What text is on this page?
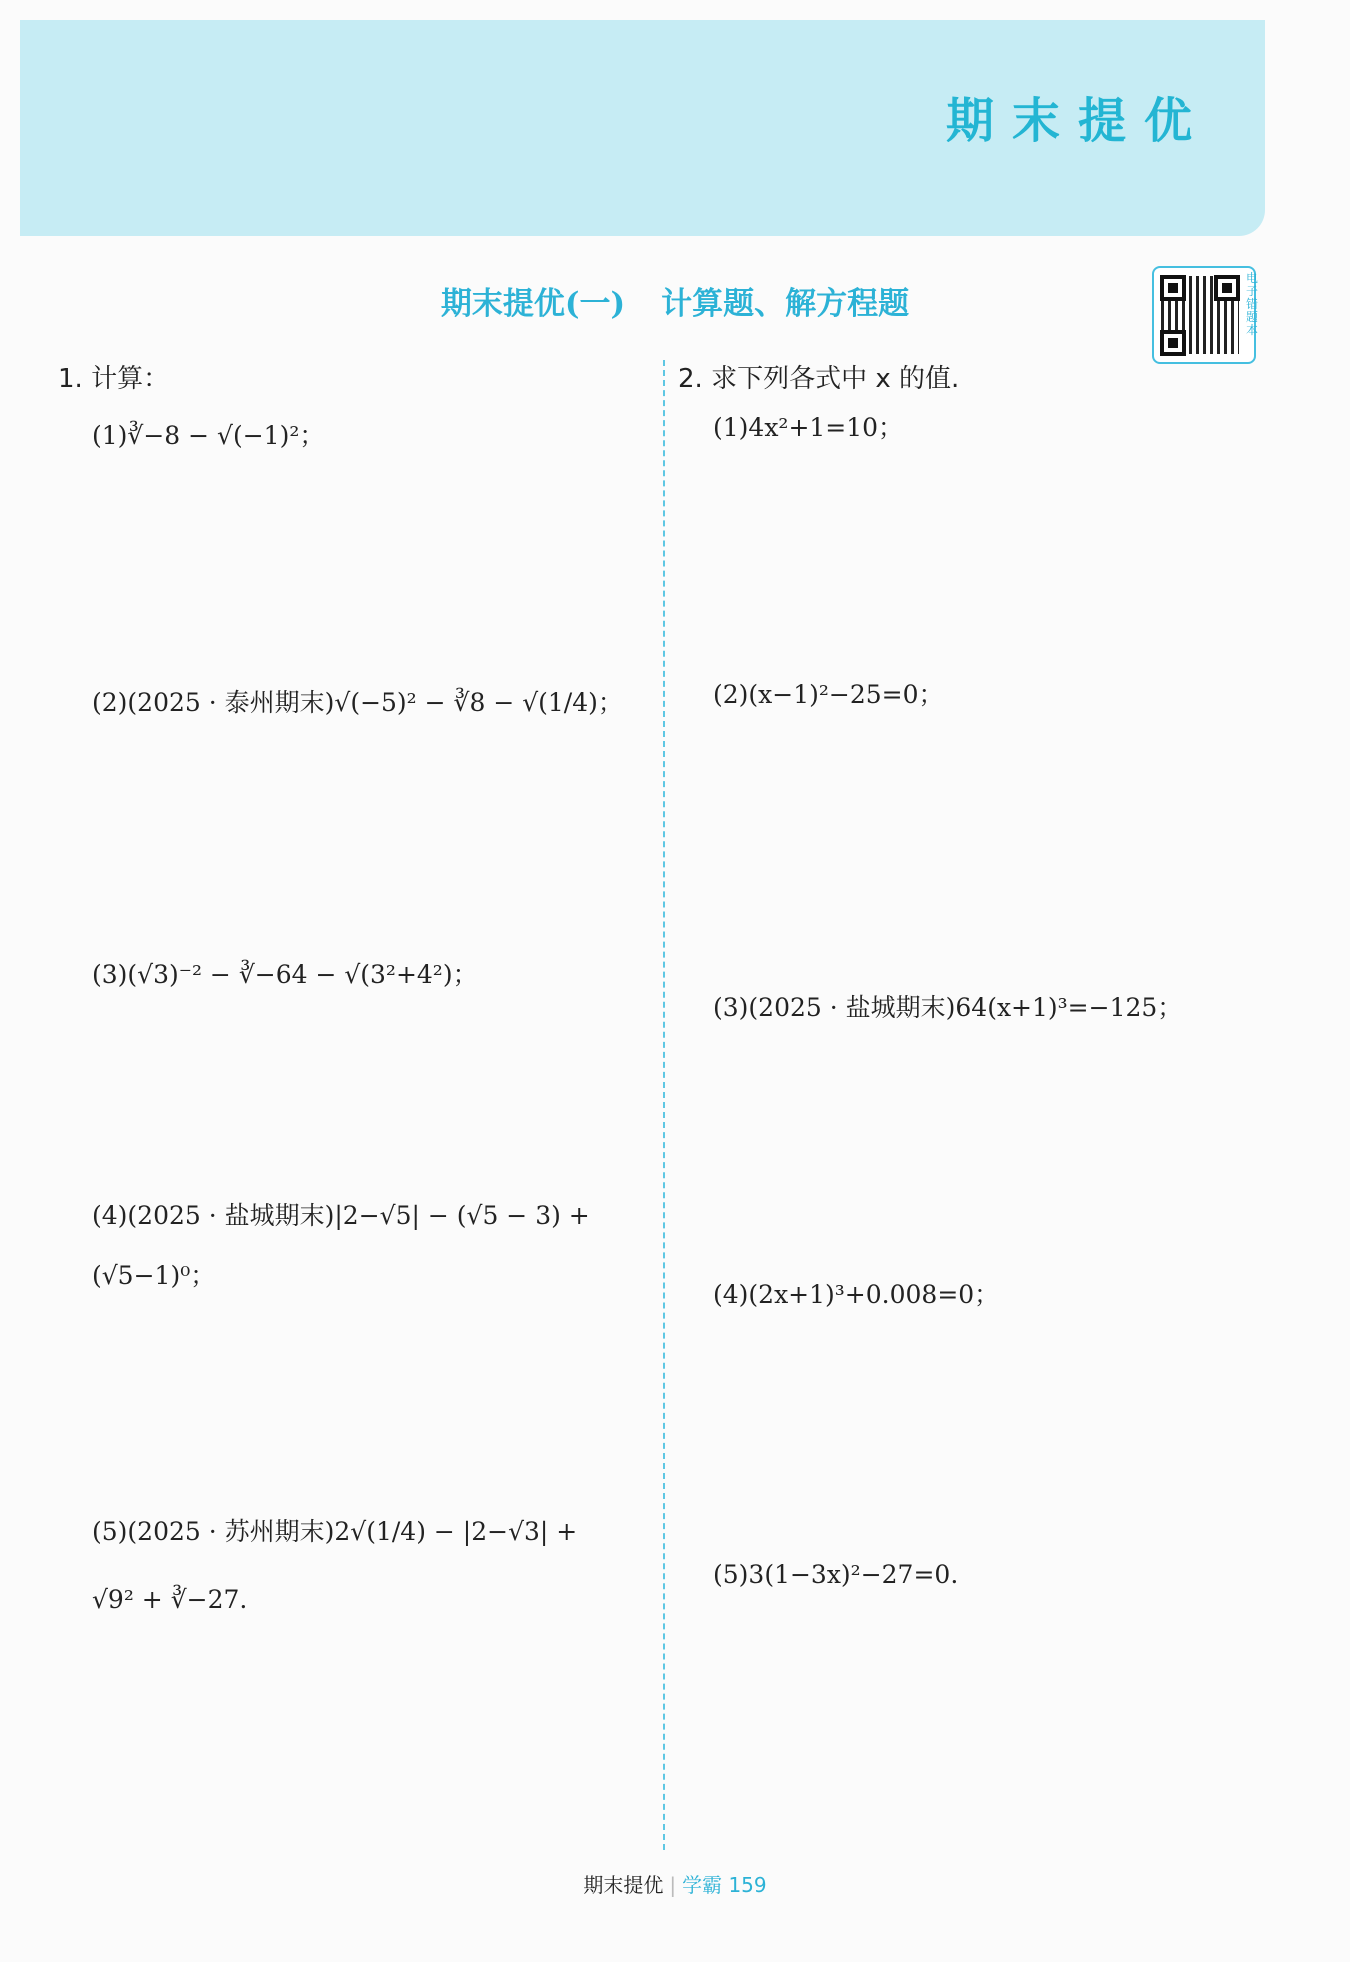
期末提优
期末提优(一) 计算题、解方程题
电子错题本
1. 计算：
(1)∛−8 − √(−1)²；
(2)(2025 · 泰州期末)√(−5)² − ∛8 − √(1/4)；
(3)(√3)⁻² − ∛−64 − √(3²+4²)；
(4)(2025 · 盐城期末)|2−√5| − (√5 − 3) +
(√5−1)⁰；
(5)(2025 · 苏州期末)2√(1/4) − |2−√3| +
√9² + ∛−27.
2. 求下列各式中 x 的值.
(1)4x²+1=10；
(2)(x−1)²−25=0；
(3)(2025 · 盐城期末)64(x+1)³=−125；
(4)(2x+1)³+0.008=0；
(5)3(1−3x)²−27=0.
期末提优 | 学霸 159
